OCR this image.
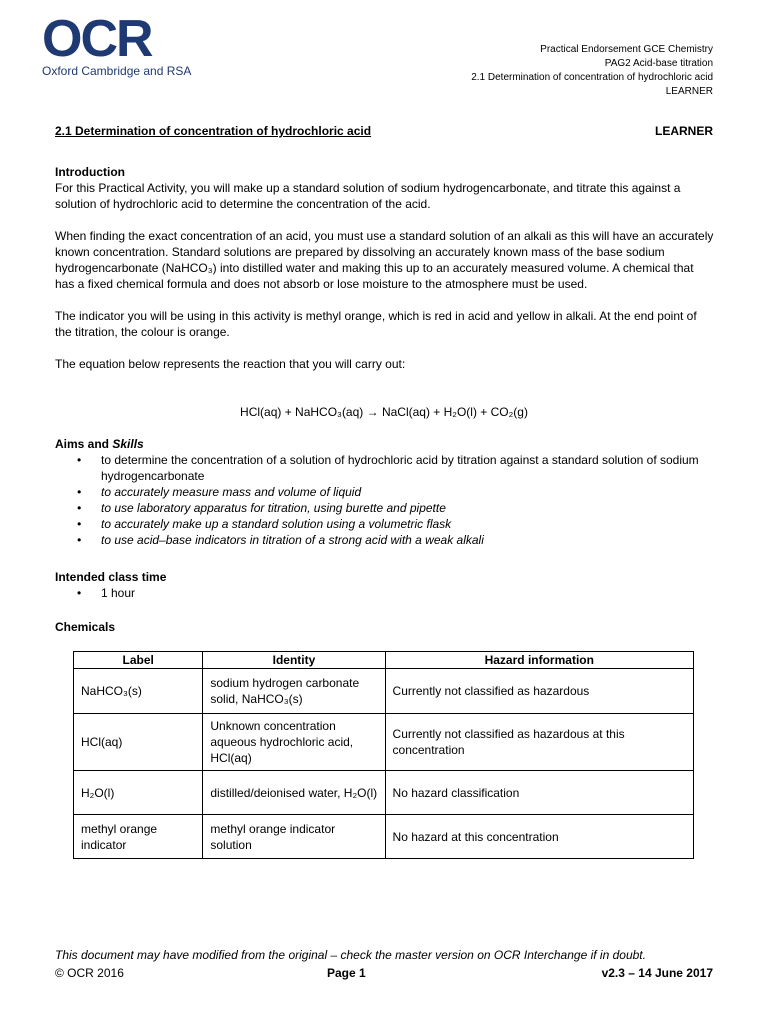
OCR
Oxford Cambridge and RSA
Practical Endorsement GCE Chemistry
PAG2 Acid-base titration
2.1 Determination of concentration of hydrochloric acid
LEARNER
2.1 Determination of concentration of hydrochloric acid	LEARNER

Introduction

For this Practical Activity, you will make up a standard solution of sodium hydrogencarbonate, and titrate this against a solution of hydrochloric acid to determine the concentration of the acid.

When finding the exact concentration of an acid, you must use a standard solution of an alkali as this will have an accurately known concentration. Standard solutions are prepared by dissolving an accurately known mass of the base sodium hydrogencarbonate (NaHCO₃) into distilled water and making this up to an accurately measured volume. A chemical that has a fixed chemical formula and does not absorb or lose moisture to the atmosphere must be used.

The indicator you will be using in this activity is methyl orange, which is red in acid and yellow in alkali. At the end point of the titration, the colour is orange.

The equation below represents the reaction that you will carry out:

HCl(aq) + NaHCO₃(aq) → NaCl(aq) + H₂O(l) + CO₂(g)

Aims and Skills

• to determine the concentration of a solution of hydrochloric acid by titration against a standard solution of sodium hydrogencarbonate
• to accurately measure mass and volume of liquid
• to use laboratory apparatus for titration, using burette and pipette
• to accurately make up a standard solution using a volumetric flask
• to use acid–base indicators in titration of a strong acid with a weak alkali

Intended class time

• 1 hour

Chemicals

Label	Identity	Hazard information
NaHCO₃(s)	sodium hydrogen carbonate solid, NaHCO₃(s)	Currently not classified as hazardous
HCl(aq)	Unknown concentration aqueous hydrochloric acid, HCl(aq)	Currently not classified as hazardous at this concentration
H₂O(l)	distilled/deionised water, H₂O(l)	No hazard classification
methyl orange indicator	methyl orange indicator solution	No hazard at this concentration
This document may have modified from the original – check the master version on OCR Interchange if in doubt.
© OCR 2016	Page 1	v2.3 – 14 June 2017
